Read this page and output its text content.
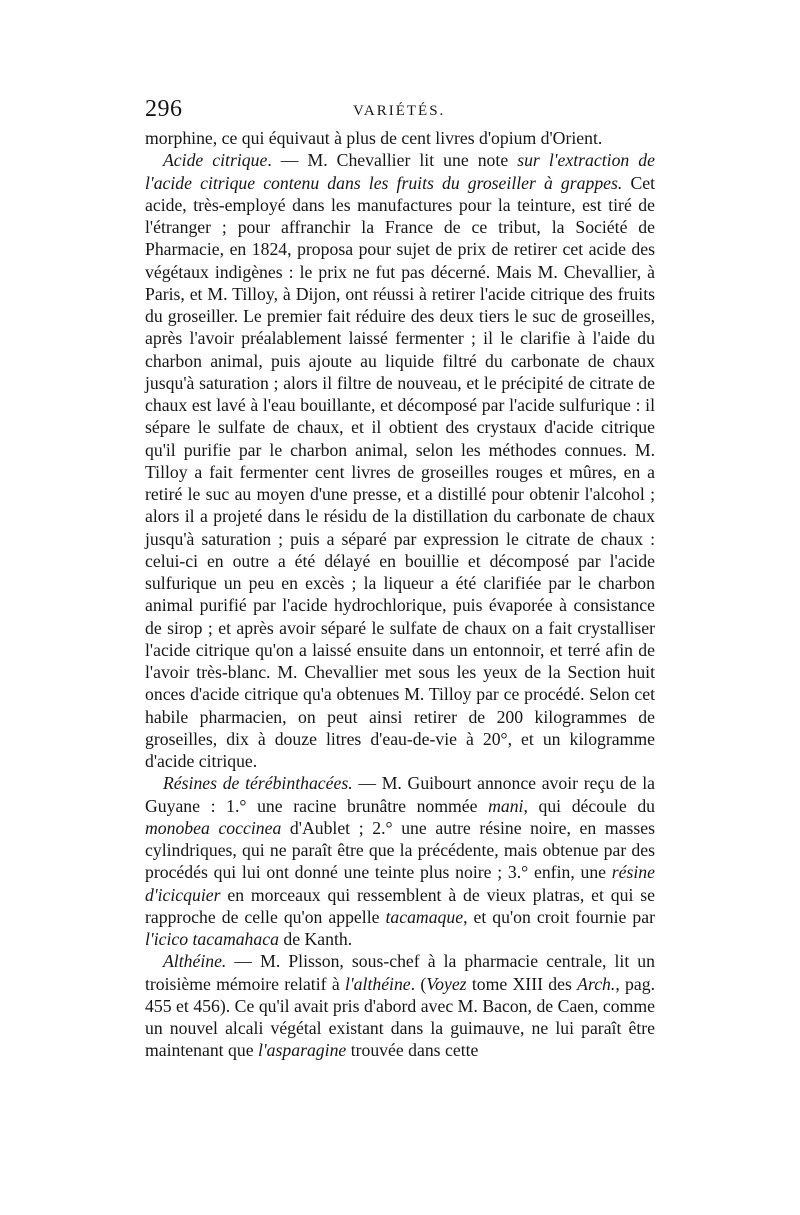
296	VARIÉTÉS.

morphine, ce qui équivaut à plus de cent livres d'opium d'Orient.

Acide citrique. — M. Chevallier lit une note sur l'extraction de l'acide citrique contenu dans les fruits du groseiller à grappes. Cet acide, très-employé dans les manufactures pour la teinture, est tiré de l'étranger ; pour affranchir la France de ce tribut, la Société de Pharmacie, en 1824, proposa pour sujet de prix de retirer cet acide des végétaux indigènes : le prix ne fut pas décerné. Mais M. Chevallier, à Paris, et M. Tilloy, à Dijon, ont réussi à retirer l'acide citrique des fruits du groseiller. Le premier fait réduire des deux tiers le suc de groseilles, après l'avoir préalablement laissé fermenter ; il le clarifie à l'aide du charbon animal, puis ajoute au liquide filtré du carbonate de chaux jusqu'à saturation ; alors il filtre de nouveau, et le précipité de citrate de chaux est lavé à l'eau bouillante, et décomposé par l'acide sulfurique : il sépare le sulfate de chaux, et il obtient des crystaux d'acide citrique qu'il purifie par le charbon animal, selon les méthodes connues. M. Tilloy a fait fermenter cent livres de groseilles rouges et mûres, en a retiré le suc au moyen d'une presse, et a distillé pour obtenir l'alcohol ; alors il a projeté dans le résidu de la distillation du carbonate de chaux jusqu'à saturation ; puis a séparé par expression le citrate de chaux : celui-ci en outre a été délayé en bouillie et décomposé par l'acide sulfurique un peu en excès ; la liqueur a été clarifiée par le charbon animal purifié par l'acide hydrochlorique, puis évaporée à consistance de sirop ; et après avoir séparé le sulfate de chaux on a fait crystalliser l'acide citrique qu'on a laissé ensuite dans un entonnoir, et terré afin de l'avoir très-blanc. M. Chevallier met sous les yeux de la Section huit onces d'acide citrique qu'a obtenues M. Tilloy par ce procédé. Selon cet habile pharmacien, on peut ainsi retirer de 200 kilogrammes de groseilles, dix à douze litres d'eau-de-vie à 20°, et un kilogramme d'acide citrique.

Résines de térébinthacées. — M. Guibourt annonce avoir reçu de la Guyane : 1.° une racine brunâtre nommée mani, qui découle du monobea coccinea d'Aublet ; 2.° une autre résine noire, en masses cylindriques, qui ne paraît être que la précédente, mais obtenue par des procédés qui lui ont donné une teinte plus noire ; 3.° enfin, une résine d'icicquier en morceaux qui ressemblent à de vieux platras, et qui se rapproche de celle qu'on appelle tacamaque, et qu'on croit fournie par l'icico tacamahaca de Kanth.

Althéine. — M. Plisson, sous-chef à la pharmacie centrale, lit un troisième mémoire relatif à l'althéine. (Voyez tome XIII des Arch., pag. 455 et 456). Ce qu'il avait pris d'abord avec M. Bacon, de Caen, comme un nouvel alcali végétal existant dans la guimauve, ne lui paraît être maintenant que l'asparagine trouvée dans cette
